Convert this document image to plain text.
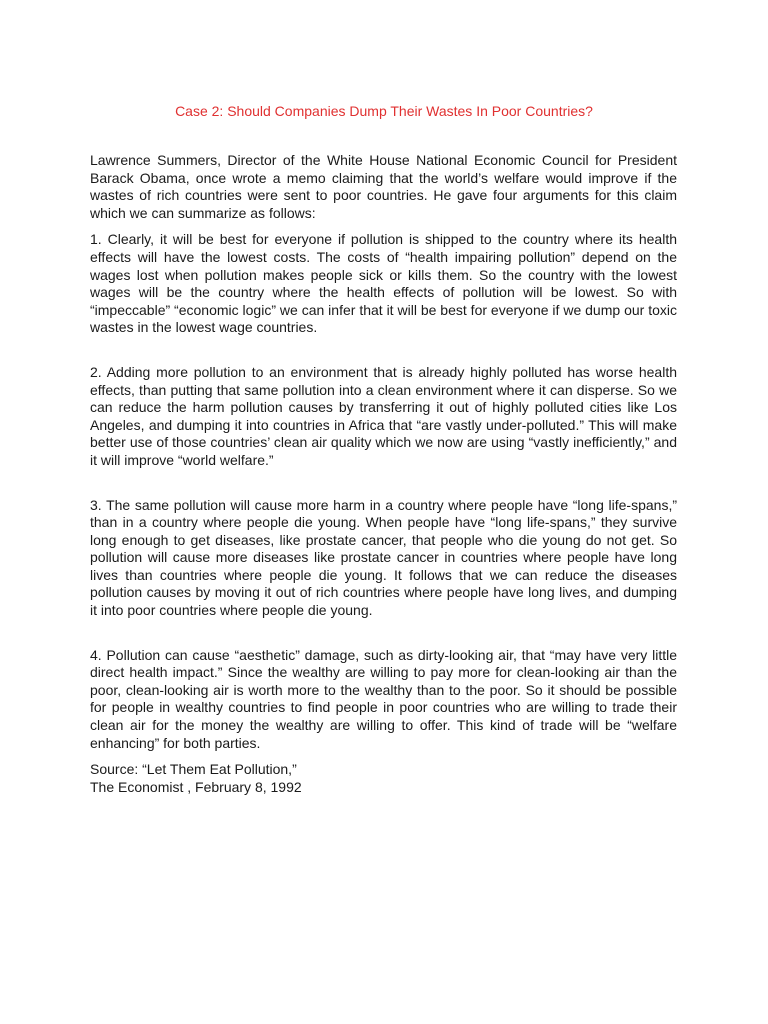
Case 2: Should Companies Dump Their Wastes In Poor Countries?

Lawrence Summers, Director of the White House National Economic Council for President Barack Obama, once wrote a memo claiming that the world’s welfare would improve if the wastes of rich countries were sent to poor countries. He gave four arguments for this claim which we can summarize as follows:

1. Clearly, it will be best for everyone if pollution is shipped to the country where its health effects will have the lowest costs. The costs of “health impairing pollution” depend on the wages lost when pollution makes people sick or kills them. So the country with the lowest wages will be the country where the health effects of pollution will be lowest. So with “impeccable” “economic logic” we can infer that it will be best for everyone if we dump our toxic wastes in the lowest wage countries.

2. Adding more pollution to an environment that is already highly polluted has worse health effects, than putting that same pollution into a clean environment where it can disperse. So we can reduce the harm pollution causes by transferring it out of highly polluted cities like Los Angeles, and dumping it into countries in Africa that “are vastly under-polluted.” This will make better use of those countries’ clean air quality which we now are using “vastly inefficiently,” and it will improve “world welfare.”

3. The same pollution will cause more harm in a country where people have “long life-spans,” than in a country where people die young. When people have “long life-spans,” they survive long enough to get diseases, like prostate cancer, that people who die young do not get. So pollution will cause more diseases like prostate cancer in countries where people have long lives than countries where people die young. It follows that we can reduce the diseases pollution causes by moving it out of rich countries where people have long lives, and dumping it into poor countries where people die young.

4. Pollution can cause “aesthetic” damage, such as dirty-looking air, that “may have very little direct health impact.” Since the wealthy are willing to pay more for clean-looking air than the poor, clean-looking air is worth more to the wealthy than to the poor. So it should be possible for people in wealthy countries to find people in poor countries who are willing to trade their clean air for the money the wealthy are willing to offer. This kind of trade will be “welfare enhancing” for both parties.

Source: “Let Them Eat Pollution,”
The Economist , February 8, 1992
